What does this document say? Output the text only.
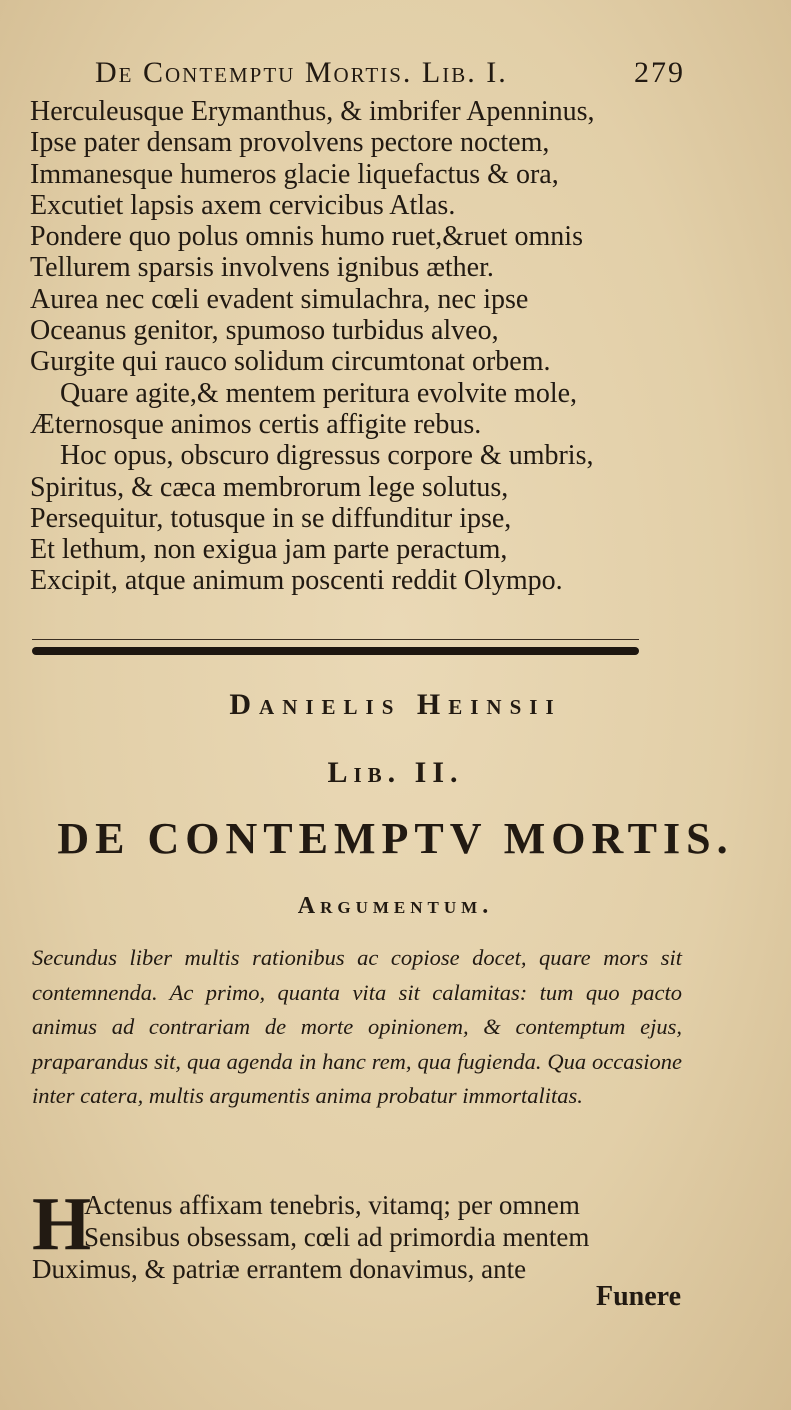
De Contemptu Mortis. Lib. I.	279
Herculeusque Erymanthus, & imbrifer Apenninus,
Ipse pater densam provolvens pectore noctem,
Immanesque humeros glacie liquefactus & ora,
Excutiet lapsis axem cervicibus Atlas.
Pondere quo polus omnis humo ruet,&ruet omnis
Tellurem sparsis involvens ignibus æther.
Aurea nec cœli evadent simulachra, nec ipse
Oceanus genitor, spumoso turbidus alveo,
Gurgite qui rauco solidum circumtonat orbem.
Quare agite,& mentem peritura evolvite mole,
Æternosque animos certis affigite rebus.
Hoc opus, obscuro digressus corpore & umbris,
Spiritus, & cæca membrorum lege solutus,
Persequitur, totusque in se diffunditur ipse,
Et lethum, non exigua jam parte peractum,
Excipit, atque animum poscenti reddit Olympo.
Danielis Heinsii
Lib. II.
DE CONTEMPTV MORTIS.
Argumentum.
Secundus liber multis rationibus ac copiose docet, quare mors sit contemnenda. Ac primo, quanta vita sit calamitas: tum quo pacto animus ad contrariam de morte opinionem, & contemptum ejus, praparandus sit, qua agenda in hanc rem, qua fugienda. Qua occasione inter catera, multis argumentis anima probatur immortalitas.
H
Actenus affixam tenebris, vitamq; per omnem
Sensibus obsessam, cœli ad primordia mentem
Duximus, & patriæ errantem donavimus, ante
Funere
